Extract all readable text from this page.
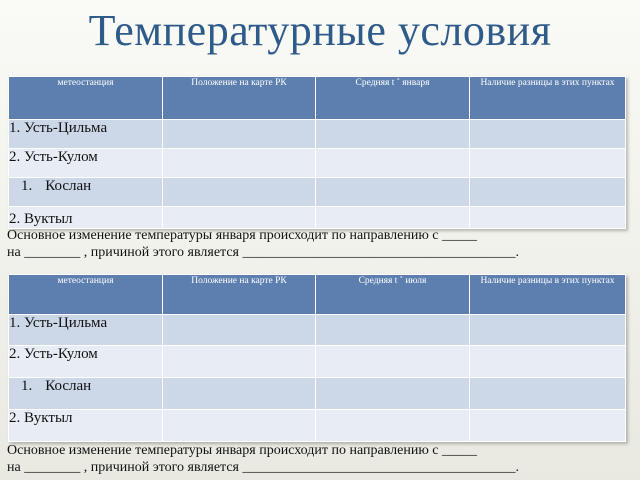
Температурные условия
метеостанция	Положение на карте РК	Средняя t ˚ января	Наличие разницы в этих пунктах
1. Усть-Цильма			
2. Усть-Кулом			
1. Кослан			
2. Вуктыл			
Основное изменение температуры января происходит по направлению с _____
на ________ , причиной этого является _______________________________________.
метеостанция	Положение на карте РК	Средняя t ˚ июля	Наличие разницы в этих пунктах
1. Усть-Цильма			
2. Усть-Кулом			
1. Кослан			
2. Вуктыл			
Основное изменение температуры января происходит по направлению с _____
на ________ , причиной этого является _______________________________________.
